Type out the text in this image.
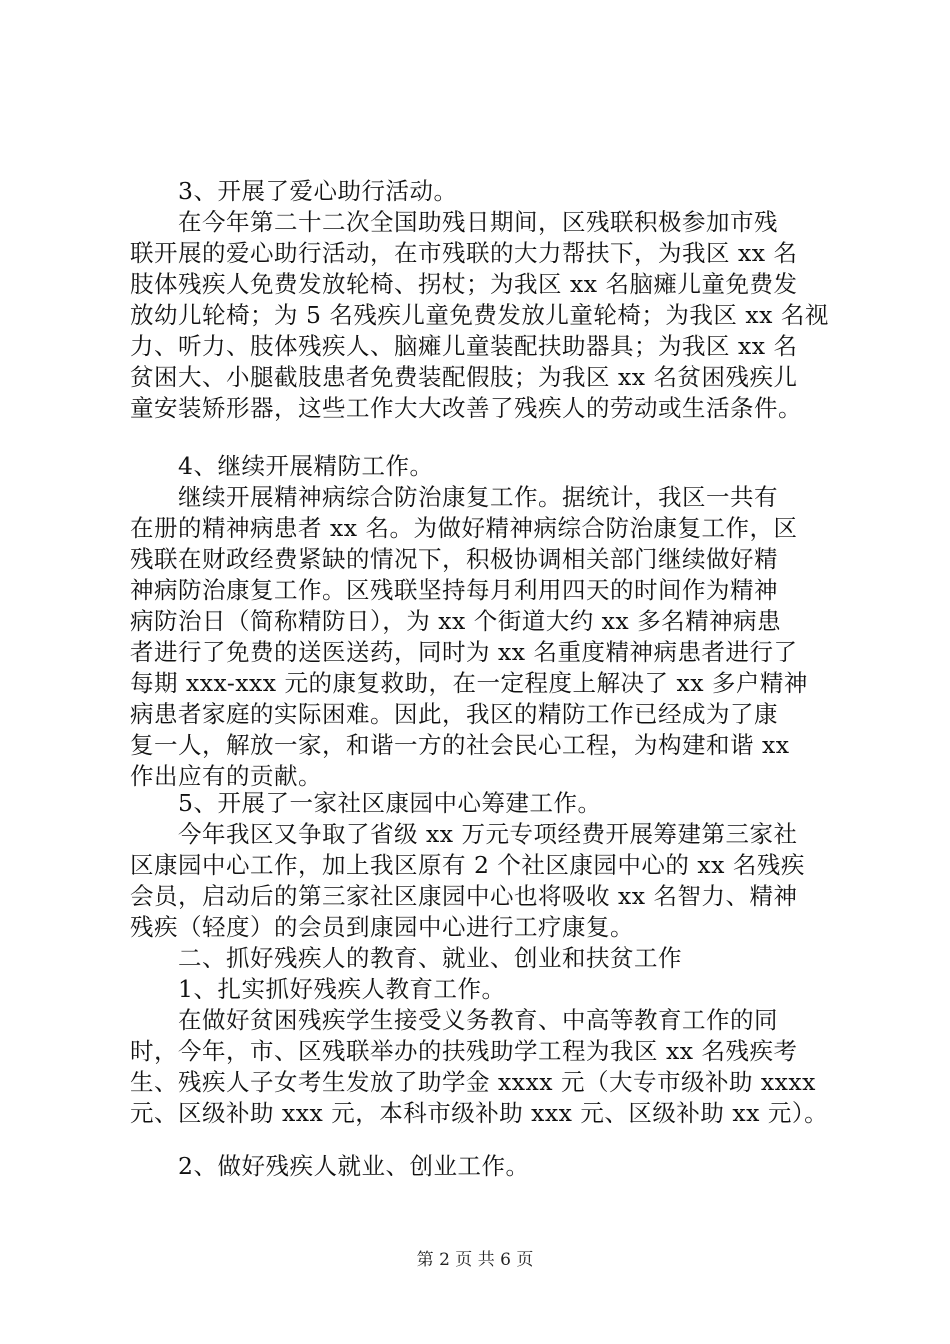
　　3、开展了爱心助行活动。
　　在今年第二十二次全国助残日期间，区残联积极参加市残
联开展的爱心助行活动，在市残联的大力帮扶下，为我区 xx 名
肢体残疾人免费发放轮椅、拐杖；为我区 xx 名脑瘫儿童免费发
放幼儿轮椅；为 5 名残疾儿童免费发放儿童轮椅；为我区 xx 名视
力、听力、肢体残疾人、脑瘫儿童装配扶助器具；为我区 xx 名
贫困大、小腿截肢患者免费装配假肢；为我区 xx 名贫困残疾儿
童安装矫形器，这些工作大大改善了残疾人的劳动或生活条件。
　　4、继续开展精防工作。
　　继续开展精神病综合防治康复工作。据统计，我区一共有
在册的精神病患者 xx 名。为做好精神病综合防治康复工作，区
残联在财政经费紧缺的情况下，积极协调相关部门继续做好精
神病防治康复工作。区残联坚持每月利用四天的时间作为精神
病防治日（简称精防日），为 xx 个街道大约 xx 多名精神病患
者进行了免费的送医送药，同时为 xx 名重度精神病患者进行了
每期 xxx-xxx 元的康复救助，在一定程度上解决了 xx 多户精神
病患者家庭的实际困难。因此，我区的精防工作已经成为了康
复一人，解放一家，和谐一方的社会民心工程，为构建和谐 xx
作出应有的贡献。
　　5、开展了一家社区康园中心筹建工作。
　　今年我区又争取了省级 xx 万元专项经费开展筹建第三家社
区康园中心工作，加上我区原有 2 个社区康园中心的 xx 名残疾
会员，启动后的第三家社区康园中心也将吸收 xx 名智力、精神
残疾（轻度）的会员到康园中心进行工疗康复。
　　二、抓好残疾人的教育、就业、创业和扶贫工作
　　1、扎实抓好残疾人教育工作。
　　在做好贫困残疾学生接受义务教育、中高等教育工作的同
时，今年，市、区残联举办的扶残助学工程为我区 xx 名残疾考
生、残疾人子女考生发放了助学金 xxxx 元（大专市级补助 xxxx
元、区级补助 xxx 元，本科市级补助 xxx 元、区级补助 xx 元）。
　　2、做好残疾人就业、创业工作。
第 2 页 共 6 页
